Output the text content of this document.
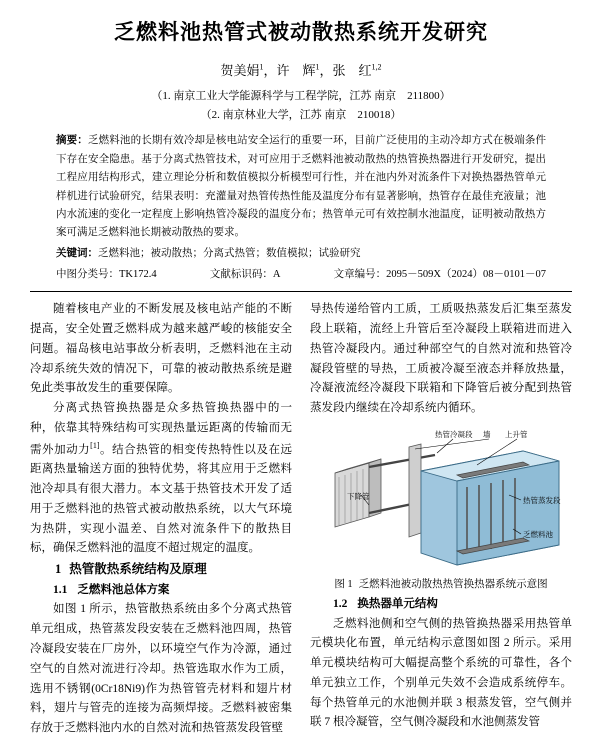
乏燃料池热管式被动散热系统开发研究
贺美娟$^1$，许　辉$^1$，张　红$^{1,2}$
（1. 南京工业大学能源科学与工程学院，江苏 南京　211800）
（2. 南京林业大学，江苏 南京　210018）
摘要：乏燃料池的长期有效冷却是核电站安全运行的重要一环，目前广泛使用的主动冷却方式在极端条件下存在安全隐患。基于分离式热管技术，对可应用于乏燃料池被动散热的热管换热器进行开发研究，提出工程应用结构形式，建立理论分析和数值模拟分析模型可行性，并在池内外对流条件下对换热器热管单元样机进行试验研究，结果表明：充灌量对热管传热性能及温度分布有显著影响，热管存在最佳充液量；池内水流速的变化一定程度上影响热管冷凝段的温度分布；热管单元可有效控制水池温度，证明被动散热方案可满足乏燃料池长期被动散热的要求。
关键词：乏燃料池；被动散热；分离式热管；数值模拟；试验研究
中图分类号：TK172.4	文献标识码：A	文章编号：2095－509X（2024）08－0101－07

随着核电产业的不断发展及核电站产能的不断提高，安全处置乏燃料成为越来越严峻的核能安全问题。福岛核电站事故分析表明，乏燃料池在主动冷却系统失效的情况下，可靠的被动散热系统是避免此类事故发生的重要保障。

分离式热管换热器是众多热管换热器中的一种，依靠其特殊结构可实现热量远距离的传输而无需外加动力[1]。结合热管的相变传热特性以及在远距离热量输送方面的独特优势，将其应用于乏燃料池冷却具有很大潜力。本文基于热管技术开发了适用于乏燃料池的热管式被动散热系统，以大气环境为热阱，实现小温差、自然对流条件下的散热目标，确保乏燃料池的温度不超过规定的温度。

1 热管散热系统结构及原理

1.1 乏燃料池总体方案

如图 1 所示，热管散热系统由多个分离式热管单元组成，热管蒸发段安装在乏燃料池四周，热管冷凝段安装在厂房外，以环境空气作为冷源，通过空气的自然对流进行冷却。热管选取水作为工质，选用不锈钢(0Cr18Ni9)作为热管管壳材料和翅片材料，翅片与管壳的连接为高频焊接。乏燃料被密集存放于乏燃料池内水的自然对流和热管蒸发段管壁

导热传递给管内工质，工质吸热蒸发后汇集至蒸发段上联箱，流经上升管后至冷凝段上联箱进而进入热管冷凝段内。通过种部空气的自然对流和热管冷凝段管壁的导热，工质被冷凝至液态并释放热量，冷凝液流经冷凝段下联箱和下降管后被分配到热管蒸发段内继续在冷却系统内循环。

热管冷凝段 墙 上升管
下降管	热管蒸发段
乏燃料池
图 1 乏燃料池被动散热热管换热器系统示意图

1.2 换热器单元结构

乏燃料池侧和空气侧的热管换热器采用热管单元模块化布置，单元结构示意图如图 2 所示。采用单元模块结构可大幅提高整个系统的可靠性，各个单元独立工作，个别单元失效不会造成系统停车。每个热管单元的水池侧并联 3 根蒸发管，空气侧并联 7 根冷凝管，空气侧冷凝段和水池侧蒸发管
